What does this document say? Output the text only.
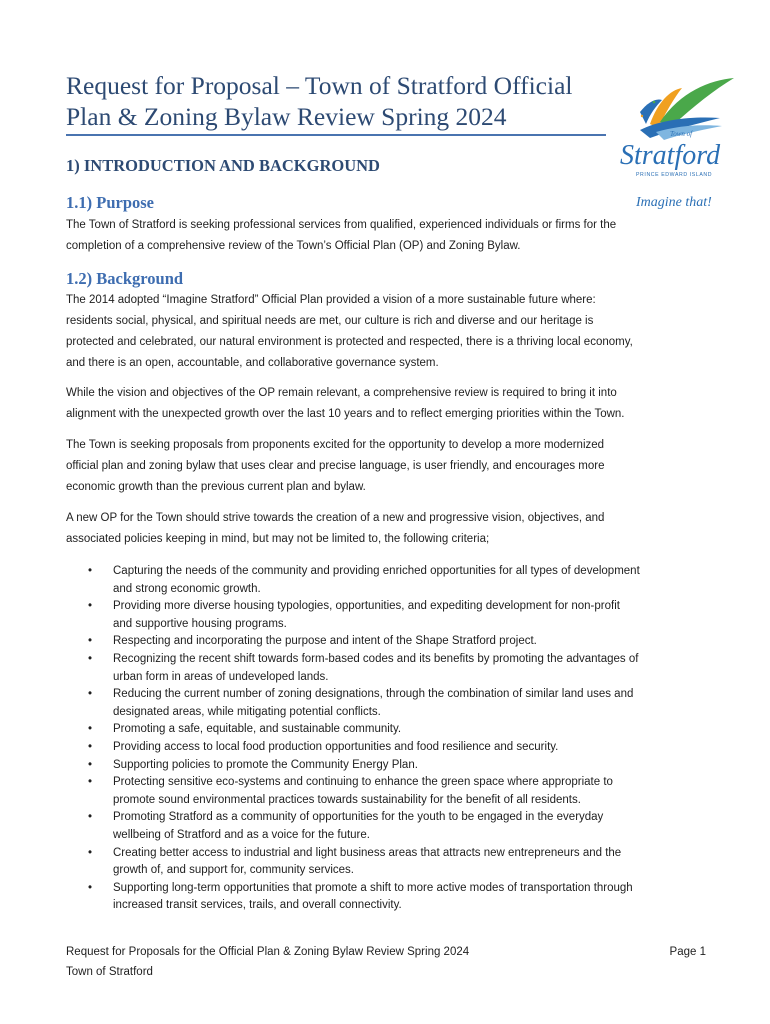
Request for Proposal – Town of Stratford Official
Plan & Zoning Bylaw Review Spring 2024
Town of
Stratford
PRINCE EDWARD ISLAND
Imagine that!
1) INTRODUCTION AND BACKGROUND
1.1) Purpose
The Town of Stratford is seeking professional services from qualified, experienced individuals or firms for the
completion of a comprehensive review of the Town’s Official Plan (OP) and Zoning Bylaw.
1.2) Background
The 2014 adopted “Imagine Stratford” Official Plan provided a vision of a more sustainable future where:
residents social, physical, and spiritual needs are met, our culture is rich and diverse and our heritage is
protected and celebrated, our natural environment is protected and respected, there is a thriving local economy,
and there is an open, accountable, and collaborative governance system.
While the vision and objectives of the OP remain relevant, a comprehensive review is required to bring it into
alignment with the unexpected growth over the last 10 years and to reflect emerging priorities within the Town.
The Town is seeking proposals from proponents excited for the opportunity to develop a more modernized
official plan and zoning bylaw that uses clear and precise language, is user friendly, and encourages more
economic growth than the previous current plan and bylaw.
A new OP for the Town should strive towards the creation of a new and progressive vision, objectives, and
associated policies keeping in mind, but may not be limited to, the following criteria;
• Capturing the needs of the community and providing enriched opportunities for all types of development
and strong economic growth.
• Providing more diverse housing typologies, opportunities, and expediting development for non-profit
and supportive housing programs.
• Respecting and incorporating the purpose and intent of the Shape Stratford project.
• Recognizing the recent shift towards form-based codes and its benefits by promoting the advantages of
urban form in areas of undeveloped lands.
• Reducing the current number of zoning designations, through the combination of similar land uses and
designated areas, while mitigating potential conflicts.
• Promoting a safe, equitable, and sustainable community.
• Providing access to local food production opportunities and food resilience and security.
• Supporting policies to promote the Community Energy Plan.
• Protecting sensitive eco-systems and continuing to enhance the green space where appropriate to
promote sound environmental practices towards sustainability for the benefit of all residents.
• Promoting Stratford as a community of opportunities for the youth to be engaged in the everyday
wellbeing of Stratford and as a voice for the future.
• Creating better access to industrial and light business areas that attracts new entrepreneurs and the
growth of, and support for, community services.
• Supporting long-term opportunities that promote a shift to more active modes of transportation through
increased transit services, trails, and overall connectivity.
Request for Proposals for the Official Plan & Zoning Bylaw Review Spring 2024
Town of Stratford
Page 1
